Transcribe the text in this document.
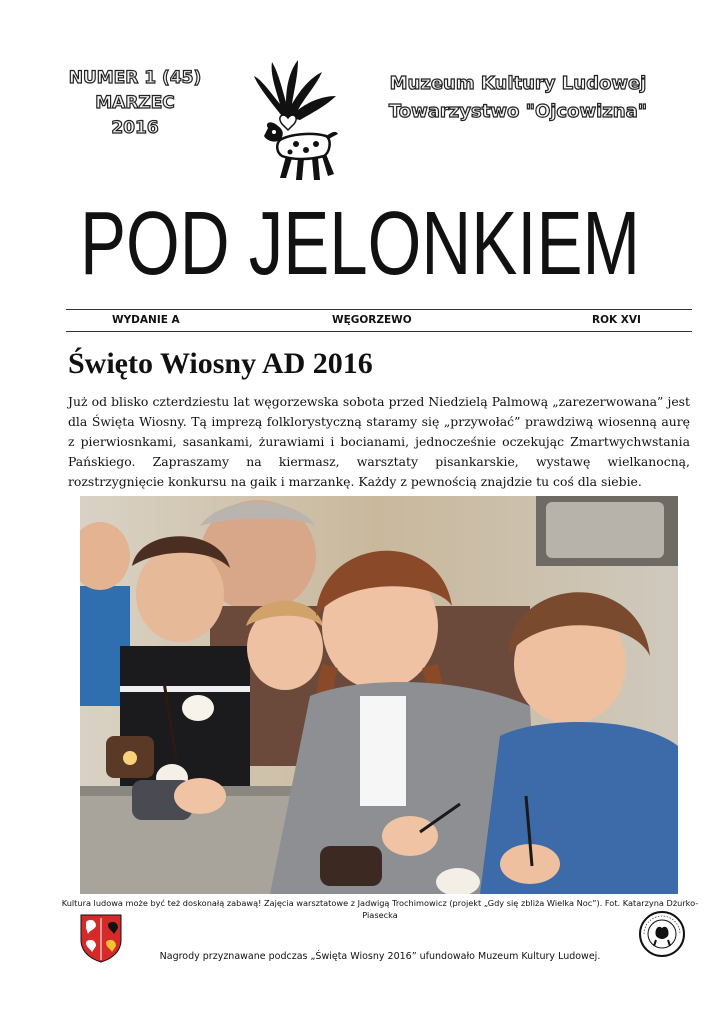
NUMER 1 (45)
MARZEC
2016
Muzeum Kultury Ludowej
Towarzystwo "Ojcowizna"
POD JELONKIEM
WYDANIE A	WĘGORZEWO	ROK XVI
Święto Wiosny AD 2016

Już od blisko czterdziestu lat węgorzewska sobota przed Niedzielą Palmową „zarezerwowana” jest dla Święta Wiosny. Tą imprezą folklorystyczną staramy się „przywołać” prawdziwą wiosenną aurę z pierwiosnkami, sasankami, żurawiami i bocianami, jednocześnie oczekując Zmartwychwstania Pańskiego. Zapraszamy na kiermasz, warsztaty pisankarskie, wystawę wielkanocną, rozstrzygnięcie konkursu na gaik i marzankę. Każdy z pewnością znajdzie tu coś dla siebie.

Kultura ludowa może być też doskonałą zabawą! Zajęcia warsztatowe z Jadwigą Trochimowicz (projekt „Gdy się zbliża Wielka Noc”). Fot. Katarzyna Dżurko-Piasecka
Nagrody przyznawane podczas „Święta Wiosny 2016” ufundowało Muzeum Kultury Ludowej.
